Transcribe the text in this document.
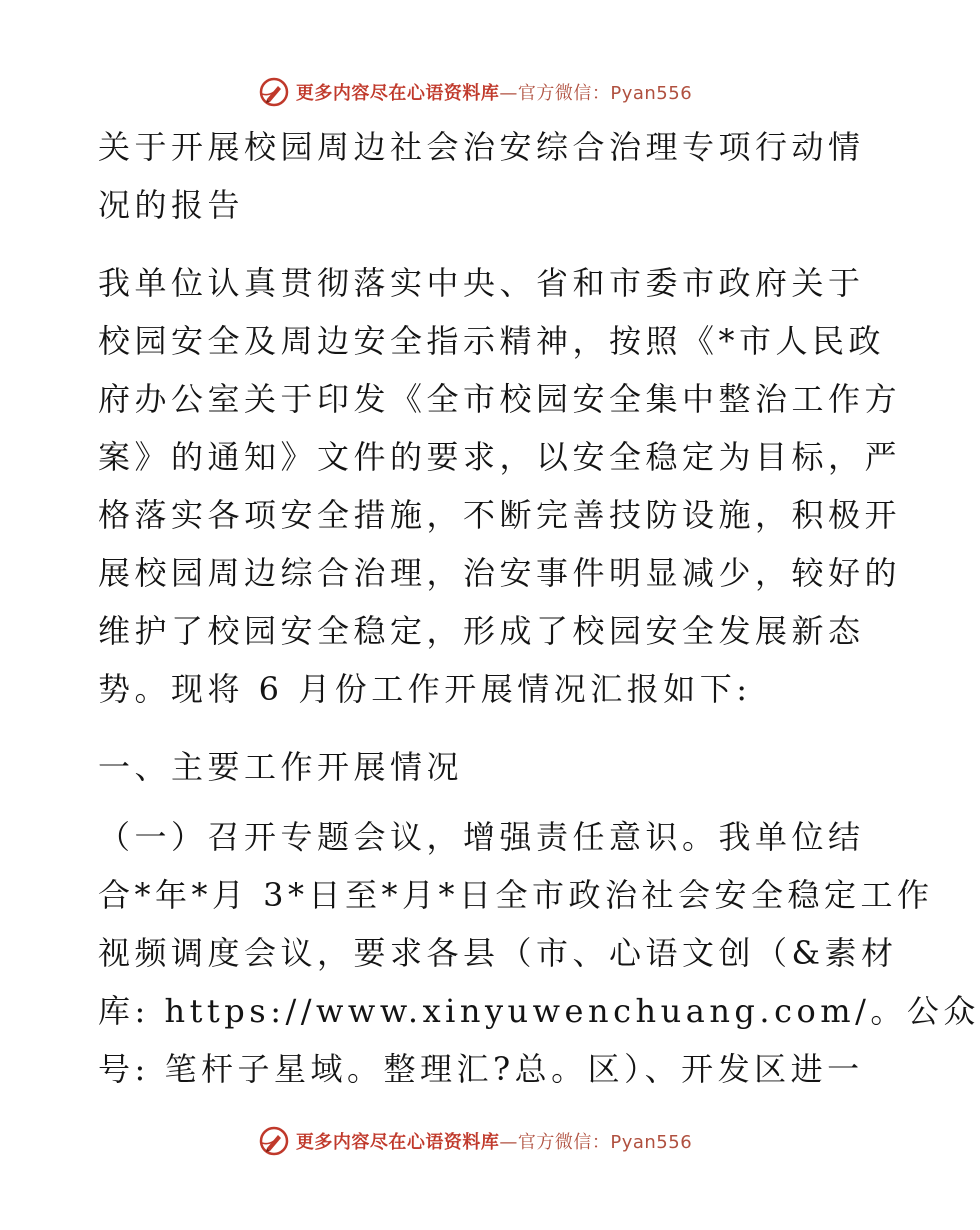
更多内容尽在心语资料库—官方微信：Pyan556
关于开展校园周边社会治安综合治理专项行动情
况的报告
我单位认真贯彻落实中央、省和市委市政府关于
校园安全及周边安全指示精神，按照《*市人民政
府办公室关于印发《全市校园安全集中整治工作方
案》的通知》文件的要求，以安全稳定为目标，严
格落实各项安全措施，不断完善技防设施，积极开
展校园周边综合治理，治安事件明显减少，较好的
维护了校园安全稳定，形成了校园安全发展新态
势。现将 6 月份工作开展情况汇报如下:
一、主要工作开展情况
（一）召开专题会议，增强责任意识。我单位结
合*年*月 3*日至*月*日全市政治社会安全稳定工作
视频调度会议，要求各县（市、心语文创（&素材
库: https://www.xinyuwenchuang.com/。公众
号: 笔杆子星域。整理汇?总。区）、开发区进一
更多内容尽在心语资料库—官方微信：Pyan556
